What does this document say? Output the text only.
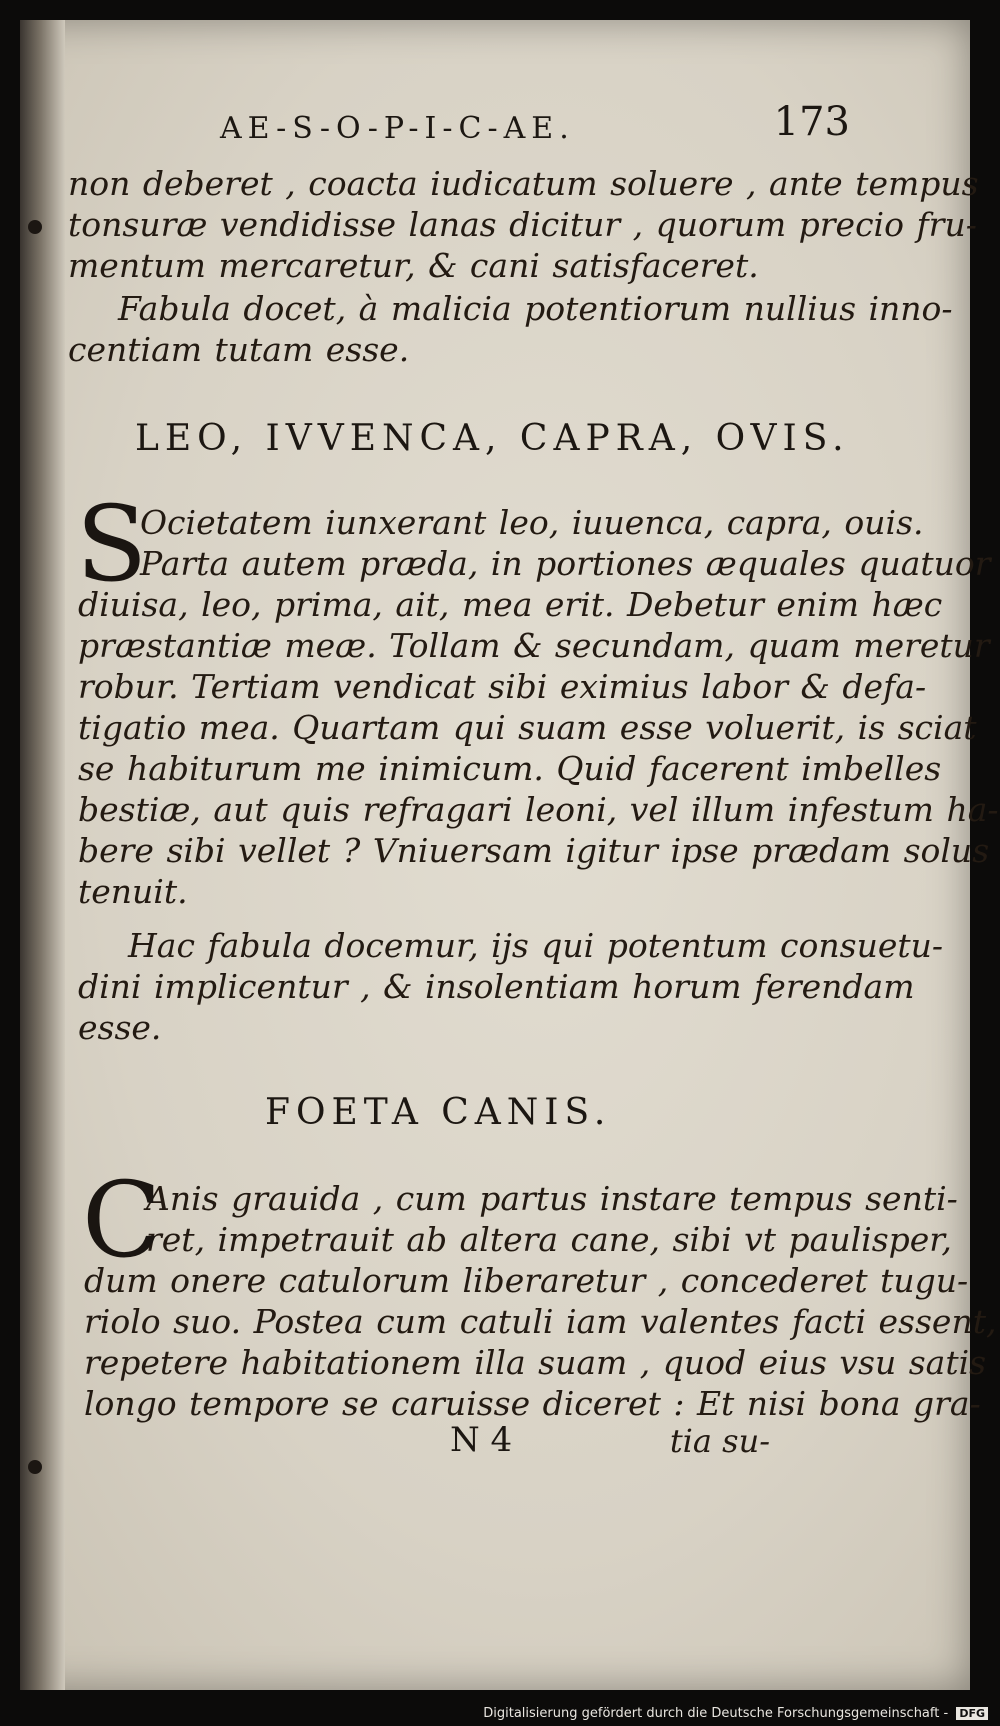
AE-S-O-P-I-C-AE.	173
non deberet , coacta iudicatum soluere , ante tempus
tonsuræ vendidisse lanas dicitur , quorum precio fru-
mentum mercaretur, & cani satisfaceret.
Fabula docet, à malicia potentiorum nullius inno-
centiam tutam esse.
LEO, IVVENCA, CAPRA, OVIS.
S
Ocietatem iunxerant leo, iuuenca, capra, ouis.
Parta autem præda, in portiones æquales quatuor
diuisa, leo, prima, ait, mea erit. Debetur enim hæc
præstantiæ meæ. Tollam & secundam, quam meretur
robur. Tertiam vendicat sibi eximius labor & defa-
tigatio mea. Quartam qui suam esse voluerit, is sciat
se habiturum me inimicum. Quid facerent imbelles
bestiæ, aut quis refragari leoni, vel illum infestum ha-
bere sibi vellet ? Vniuersam igitur ipse prædam solus
tenuit.
Hac fabula docemur, ijs qui potentum consuetu-
dini implicentur , & insolentiam horum ferendam
esse.
FOETA CANIS.
C
Anis grauida , cum partus instare tempus senti-
ret, impetrauit ab altera cane, sibi vt paulisper,
dum onere catulorum liberaretur , concederet tugu-
riolo suo. Postea cum catuli iam valentes facti essent,
repetere habitationem illa suam , quod eius vsu satis
longo tempore se caruisse diceret : Et nisi bona gra-
N 4	tia su-
Digitalisierung gefördert durch die Deutsche Forschungsgemeinschaft - DFG
